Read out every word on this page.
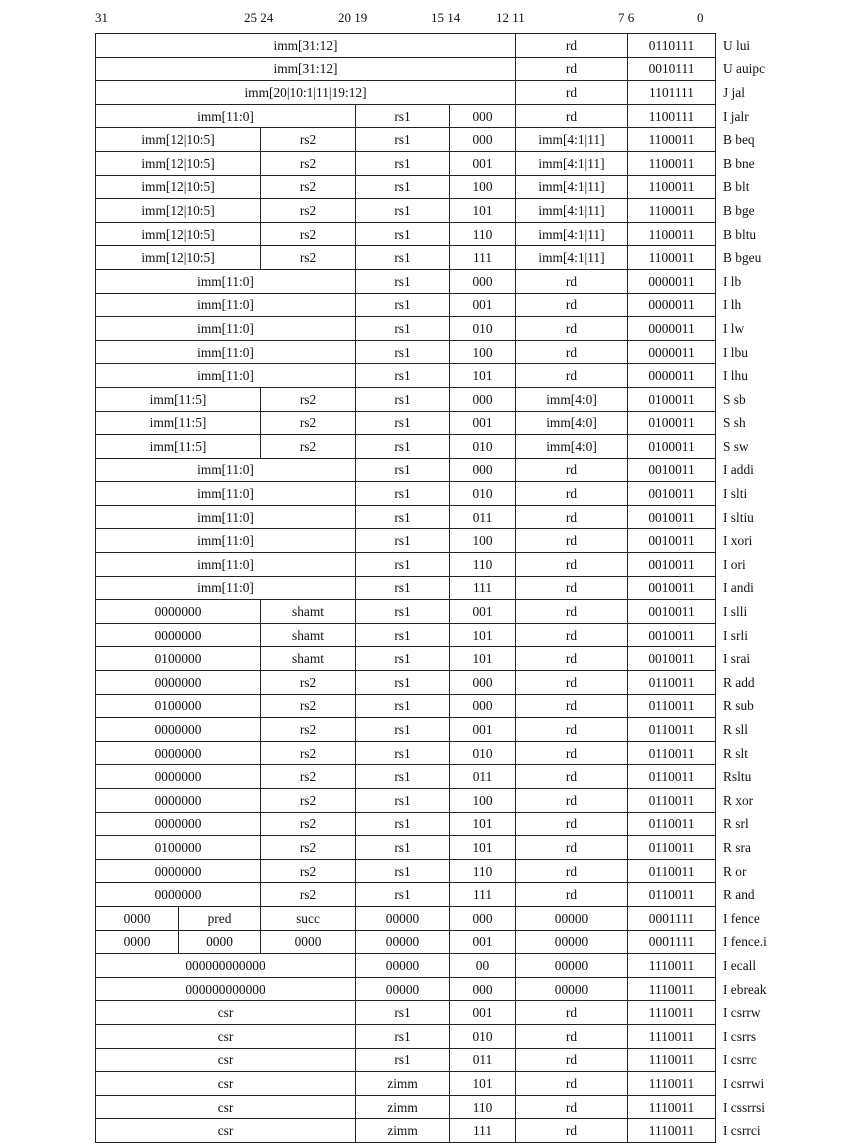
31	25 24	20 19	15 14	12 11	7 6	0
imm[31:12]					rd	0110111	U lui
imm[31:12]					rd	0010111	U auipc
imm[20|10:1|11|19:12]					rd	1101111	J jal
imm[11:0]			rs1	000	rd	1100111	I jalr
imm[12|10:5]		rs2	rs1	000	imm[4:1|11]	1100011	B beq
imm[12|10:5]		rs2	rs1	001	imm[4:1|11]	1100011	B bne
imm[12|10:5]		rs2	rs1	100	imm[4:1|11]	1100011	B blt
imm[12|10:5]		rs2	rs1	101	imm[4:1|11]	1100011	B bge
imm[12|10:5]		rs2	rs1	110	imm[4:1|11]	1100011	B bltu
imm[12|10:5]		rs2	rs1	111	imm[4:1|11]	1100011	B bgeu
imm[11:0]			rs1	000	rd	0000011	I lb
imm[11:0]			rs1	001	rd	0000011	I lh
imm[11:0]			rs1	010	rd	0000011	I lw
imm[11:0]			rs1	100	rd	0000011	I lbu
imm[11:0]			rs1	101	rd	0000011	I lhu
imm[11:5]		rs2	rs1	000	imm[4:0]	0100011	S sb
imm[11:5]		rs2	rs1	001	imm[4:0]	0100011	S sh
imm[11:5]		rs2	rs1	010	imm[4:0]	0100011	S sw
imm[11:0]			rs1	000	rd	0010011	I addi
imm[11:0]			rs1	010	rd	0010011	I slti
imm[11:0]			rs1	011	rd	0010011	I sltiu
imm[11:0]			rs1	100	rd	0010011	I xori
imm[11:0]			rs1	110	rd	0010011	I ori
imm[11:0]			rs1	111	rd	0010011	I andi
0000000		shamt	rs1	001	rd	0010011	I slli
0000000		shamt	rs1	101	rd	0010011	I srli
0100000		shamt	rs1	101	rd	0010011	I srai
0000000		rs2	rs1	000	rd	0110011	R add
0100000		rs2	rs1	000	rd	0110011	R sub
0000000		rs2	rs1	001	rd	0110011	R sll
0000000		rs2	rs1	010	rd	0110011	R slt
0000000		rs2	rs1	011	rd	0110011	Rsltu
0000000		rs2	rs1	100	rd	0110011	R xor
0000000		rs2	rs1	101	rd	0110011	R srl
0100000		rs2	rs1	101	rd	0110011	R sra
0000000		rs2	rs1	110	rd	0110011	R or
0000000		rs2	rs1	111	rd	0110011	R and
0000	pred	succ	00000	000	00000	0001111	I fence
0000	0000	0000	00000	001	00000	0001111	I fence.i
000000000000			00000	00	00000	1110011	I ecall
000000000000			00000	000	00000	1110011	I ebreak
csr			rs1	001	rd	1110011	I csrrw
csr			rs1	010	rd	1110011	I csrrs
csr			rs1	011	rd	1110011	I csrrc
csr			zimm	101	rd	1110011	I csrrwi
csr			zimm	110	rd	1110011	I cssrrsi
csr			zimm	111	rd	1110011	I csrrci
